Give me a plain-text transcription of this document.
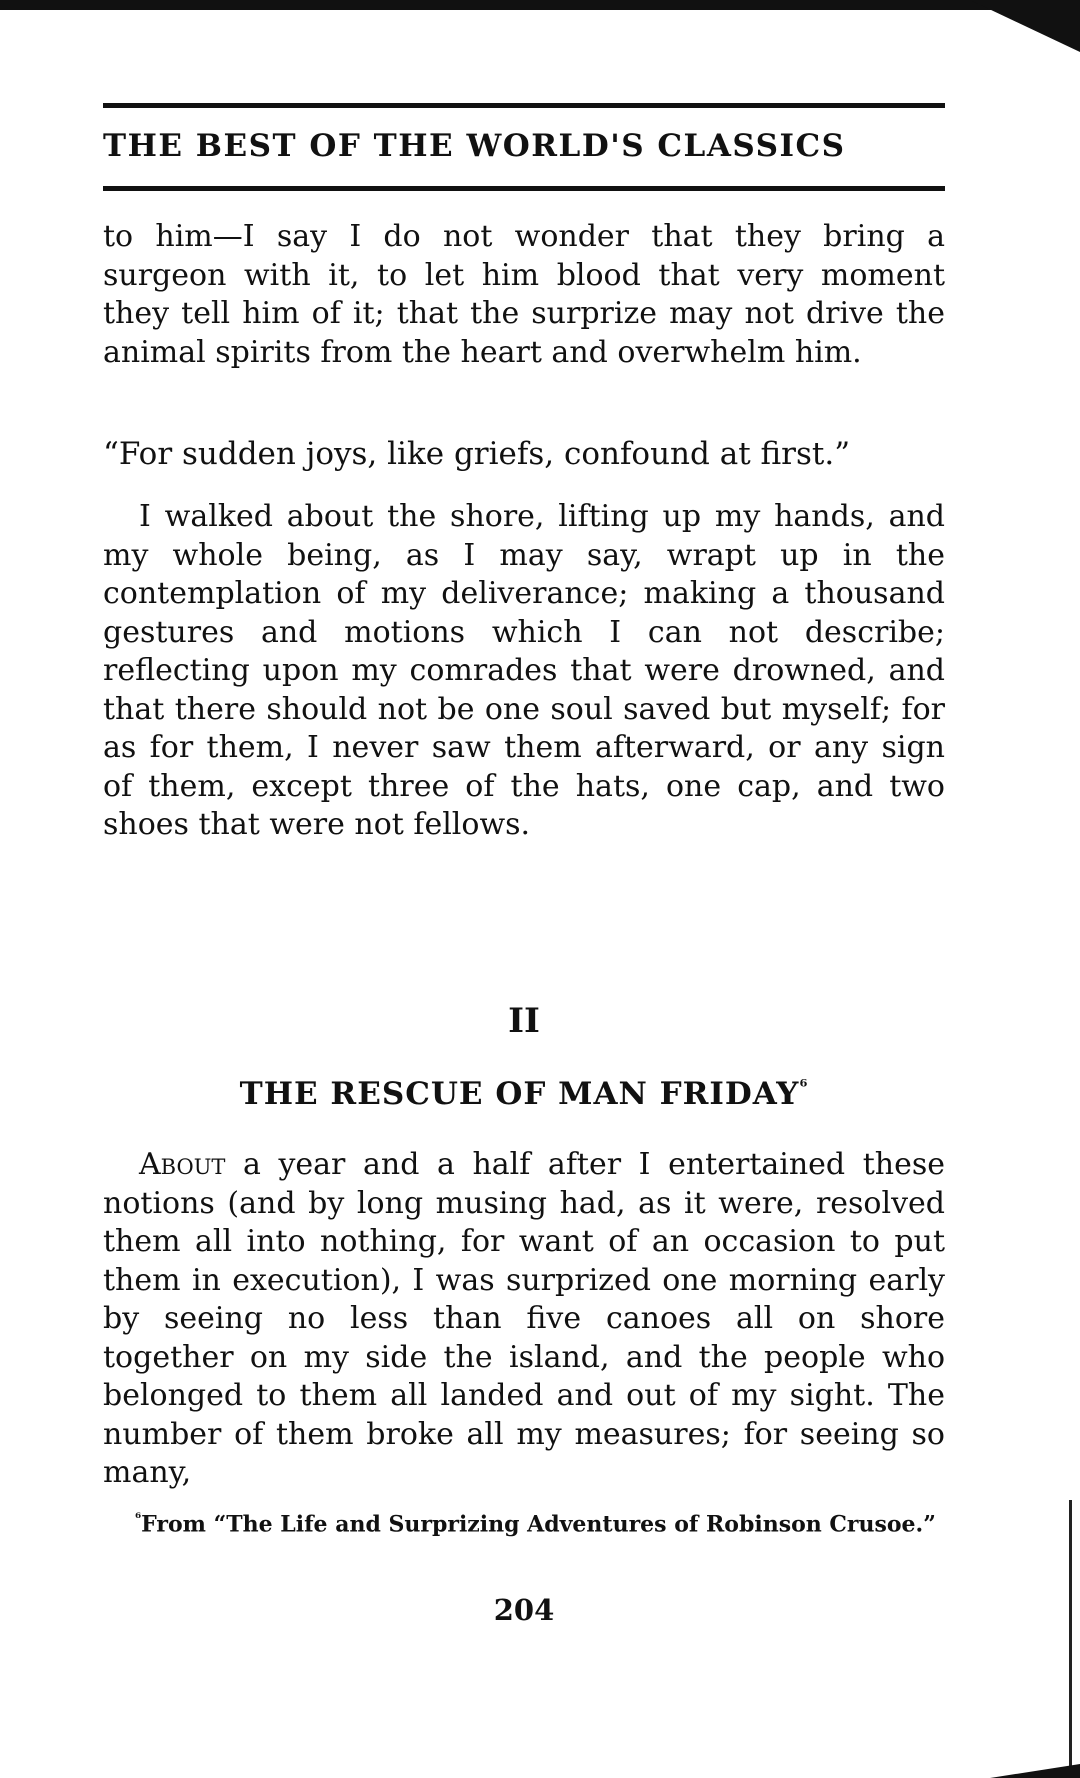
THE BEST OF THE WORLD'S CLASSICS

to him—I say I do not wonder that they bring a surgeon with it, to let him blood that very moment they tell him of it; that the surprize may not drive the animal spirits from the heart and overwhelm him.

“For sudden joys, like griefs, confound at first.”

I walked about the shore, lifting up my hands, and my whole being, as I may say, wrapt up in the contemplation of my deliverance; making a thousand gestures and motions which I can not describe; reflecting upon my comrades that were drowned, and that there should not be one soul saved but myself; for as for them, I never saw them afterward, or any sign of them, except three of the hats, one cap, and two shoes that were not fellows.

II
THE RESCUE OF MAN $FRIDAY^{^6}$

About a year and a half after I entertained these notions (and by long musing had, as it were, resolved them all into nothing, for want of an occasion to put them in execution), I was surprized one morning early by seeing no less than five canoes all on shore together on my side the island, and the people who belonged to them all landed and out of my sight. The number of them broke all my measures; for seeing so many,

$^{^6}$From “The Life and Surprizing Adventures of Robinson Crusoe.”
204
